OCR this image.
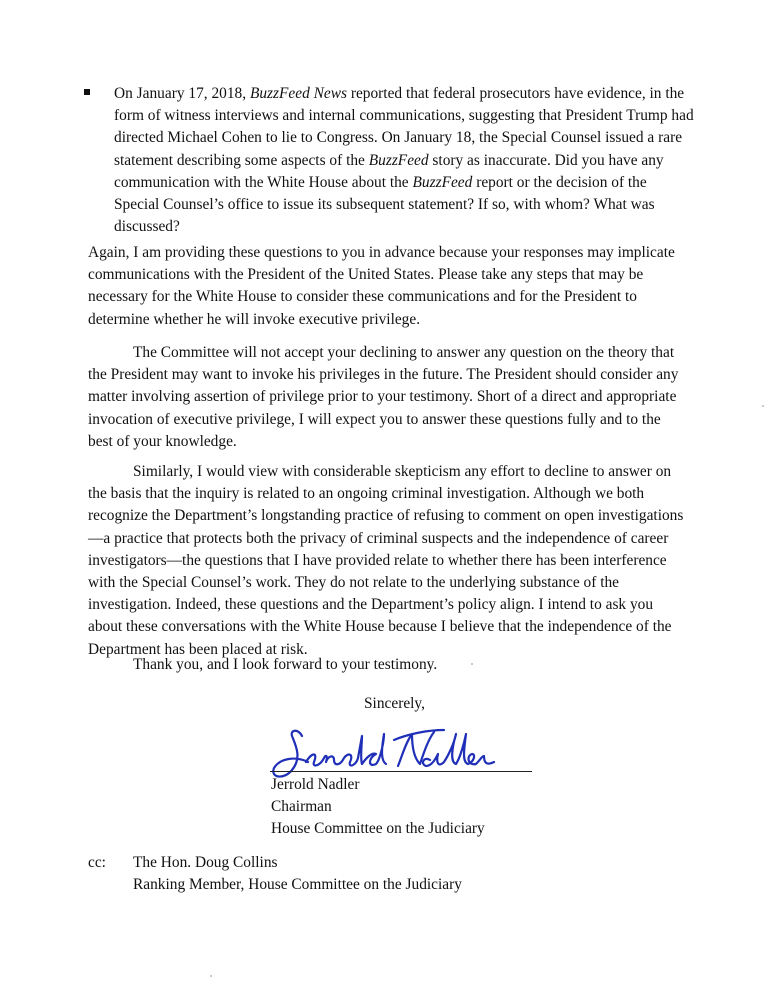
On January 17, 2018, BuzzFeed News reported that federal prosecutors have evidence, in the form of witness interviews and internal communications, suggesting that President Trump had directed Michael Cohen to lie to Congress. On January 18, the Special Counsel issued a rare statement describing some aspects of the BuzzFeed story as inaccurate. Did you have any communication with the White House about the BuzzFeed report or the decision of the Special Counsel’s office to issue its subsequent statement? If so, with whom? What was discussed?

Again, I am providing these questions to you in advance because your responses may implicate communications with the President of the United States. Please take any steps that may be necessary for the White House to consider these communications and for the President to determine whether he will invoke executive privilege.

The Committee will not accept your declining to answer any question on the theory that the President may want to invoke his privileges in the future. The President should consider any matter involving assertion of privilege prior to your testimony. Short of a direct and appropriate invocation of executive privilege, I will expect you to answer these questions fully and to the best of your knowledge.

Similarly, I would view with considerable skepticism any effort to decline to answer on the basis that the inquiry is related to an ongoing criminal investigation. Although we both recognize the Department’s longstanding practice of refusing to comment on open investigations—a practice that protects both the privacy of criminal suspects and the independence of career investigators—the questions that I have provided relate to whether there has been interference with the Special Counsel’s work. They do not relate to the underlying substance of the investigation. Indeed, these questions and the Department’s policy align. I intend to ask you about these conversations with the White House because I believe that the independence of the Department has been placed at risk.

Thank you, and I look forward to your testimony.
Sincerely,
Jerrold Nadler
Chairman
House Committee on the Judiciary
cc: The Hon. Doug Collins
Ranking Member, House Committee on the Judiciary
